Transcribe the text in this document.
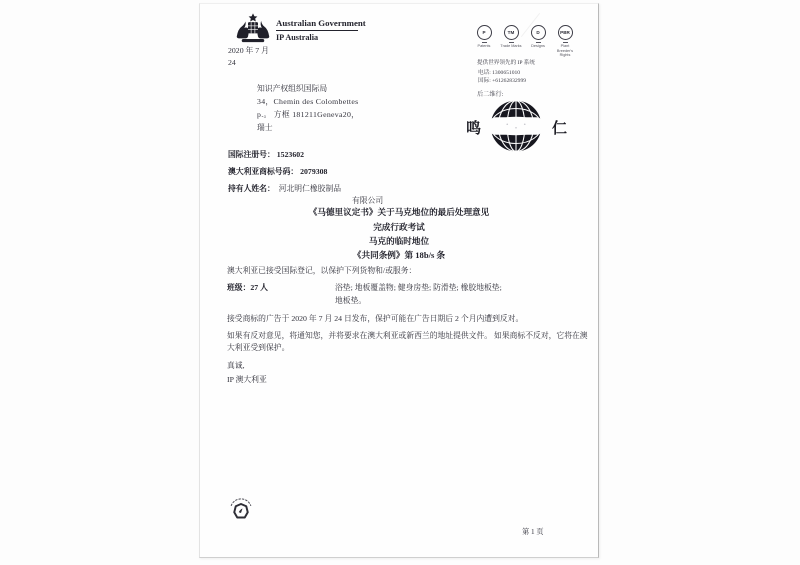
Australian Government
IP Australia
2020 年 7 月
24
P
Patents
TM
Trade Marks
D
Designs
PBR
Plant Breeder's Rights
提供世界领先的 IP 系统
电话: 1300651010
国际: +61262832999
后二维行:
鸣	仁
知识产权组织国际局
34，Chemin des Colombettes
p.。 方框 181211Geneva20，
瑞士
国际注册号： 1523602
澳大利亚商标号码： 2079308
持有人姓名： 河北明仁橡胶制品
有限公司
《马德里议定书》关于马克地位的最后处理意见
完成行政考试
马克的临时地位
《共同条例》第 18b/s 条
澳大利亚已接受国际登记，以保护下列货物和/或服务：
班级：27 人	浴垫; 地板覆盖物; 健身房垫; 防滑垫; 橡胶地板垫;
地板垫。
接受商标的广告于 2020 年 7 月 24 日发布，保护可能在广告日期后 2 个月内遭到反对。
如果有反对意见，将通知您，并将要求在澳大利亚或新西兰的地址提供文件。 如果商标不反对，它将在澳
大利亚受到保护。
真诚,
IP 澳大利亚
第 1 页
